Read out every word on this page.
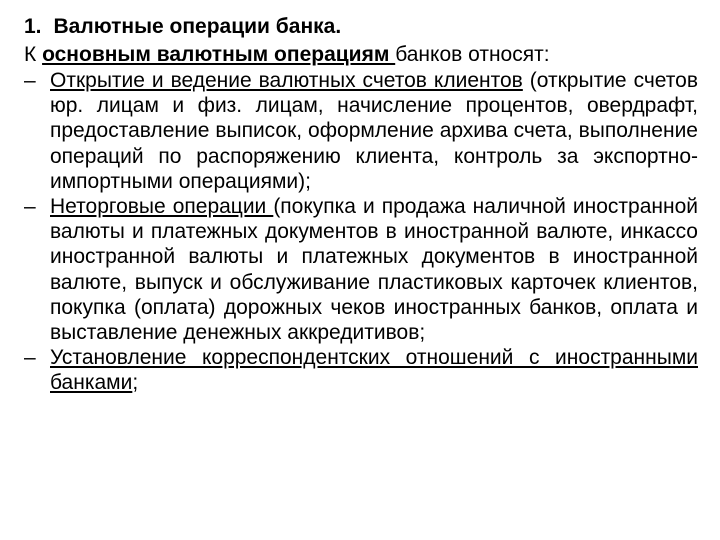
1. Валютные операции банка.

К основным валютным операциям банков относят:

– Открытие и ведение валютных счетов клиентов (открытие счетов юр. лицам и физ. лицам, начисление процентов, овердрафт, предоставление выписок, оформление архива счета, выполнение операций по распоряжению клиента, контроль за экспортно-импортными операциями);
– Неторговые операции (покупка и продажа наличной иностранной валюты и платежных документов в иностранной валюте, инкассо иностранной валюты и платежных документов в иностранной валюте, выпуск и обслуживание пластиковых карточек клиентов, покупка (оплата) дорожных чеков иностранных банков, оплата и выставление денежных аккредитивов;
– Установление корреспондентских отношений с иностранными банками;
